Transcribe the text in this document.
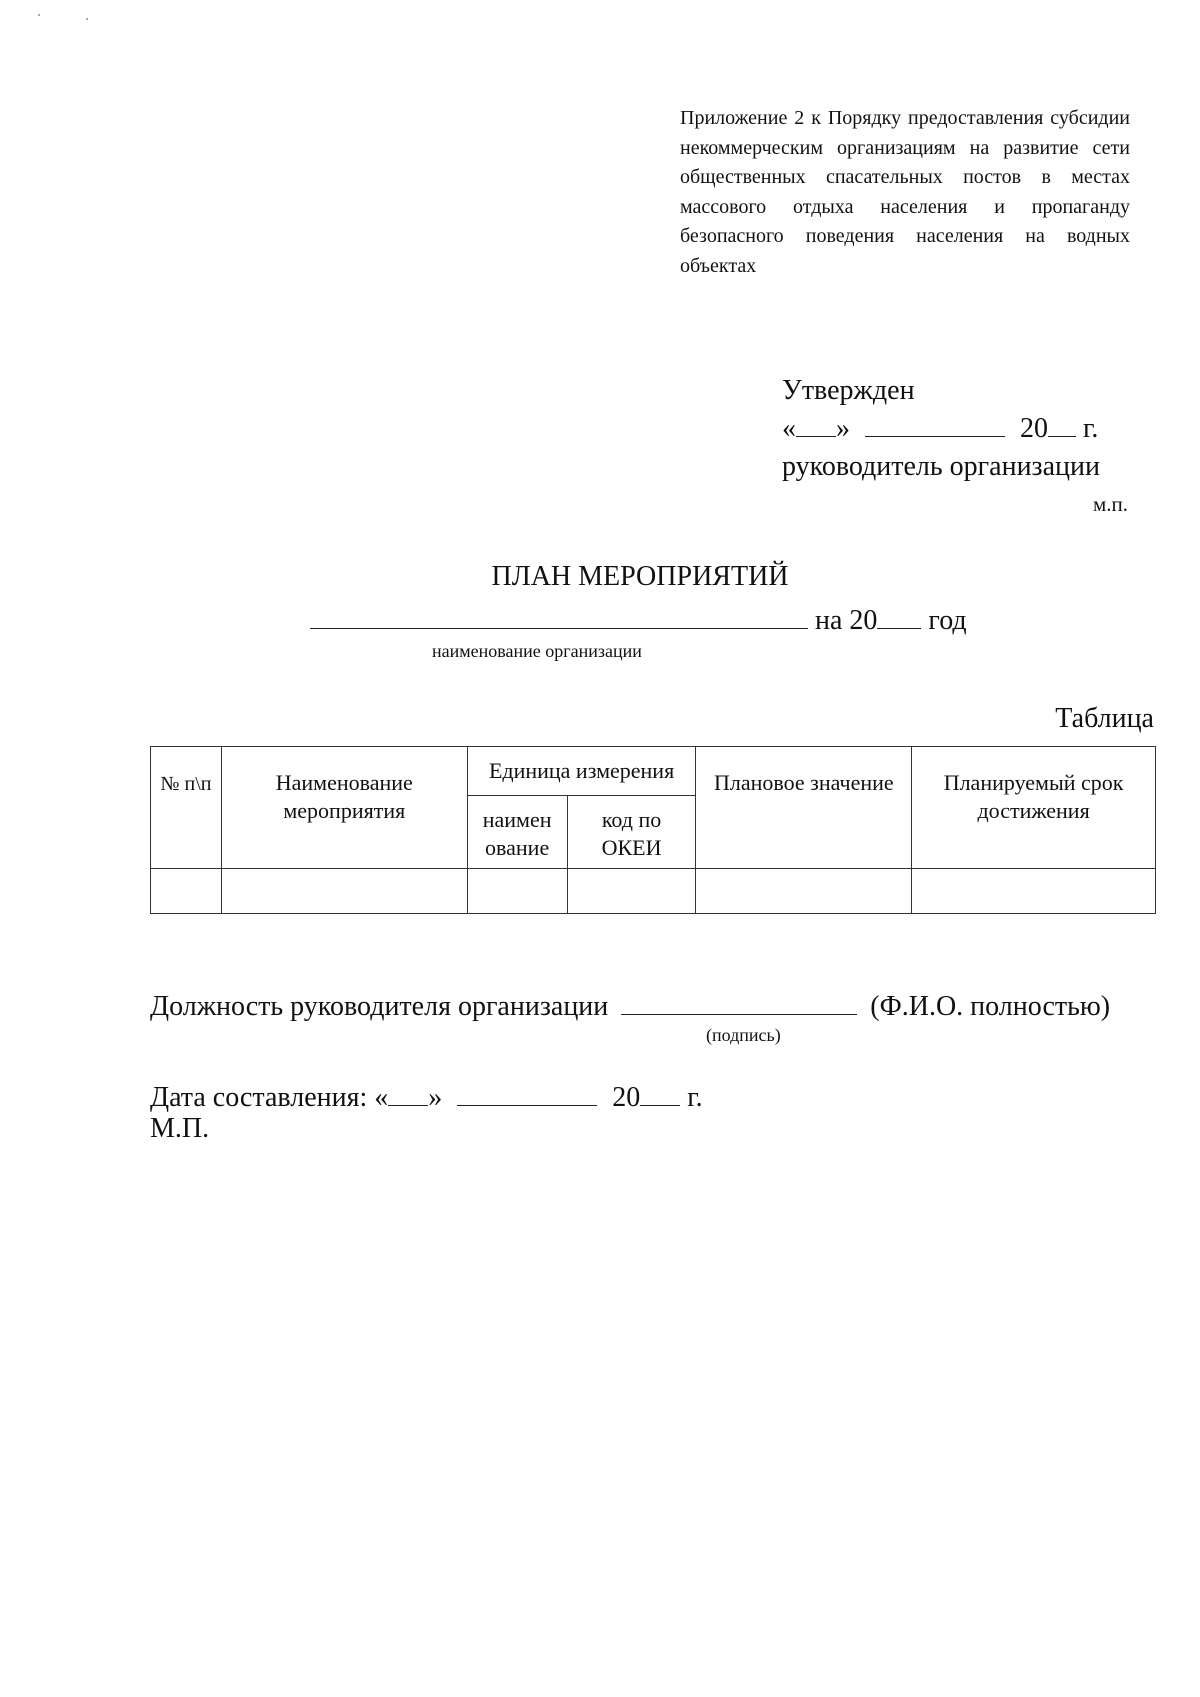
Приложение 2 к Порядку предоставления субсидии некоммерческим организациям на развитие сети общественных спасательных постов в местах массового отдыха населения и пропаганду безопасного поведения населения на водных объектах
Утвержден
« »	20 г.
руководитель организации
м.п.
ПЛАН МЕРОПРИЯТИЙ
на 20 год
наименование организации
Таблица
№ п\п	Наименование мероприятия	Единица измерения		Плановое значение	Планируемый срок достижения
		наимен ование	код по ОКЕИ		

Должность руководителя организации	(Ф.И.О. полностью)
(подпись)
Дата составления: « »	20 г.
М.П.
